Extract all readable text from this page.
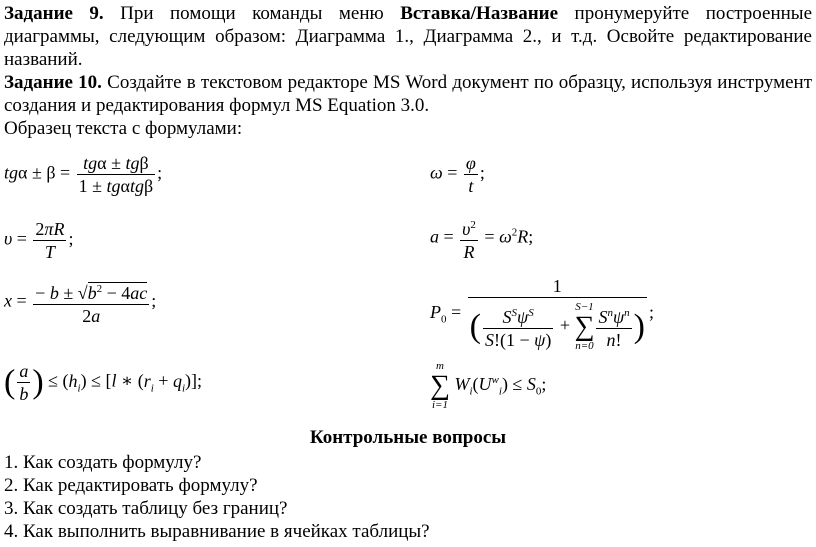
Задание 9. При помощи команды меню Вставка/Название пронумеруйте построенные диаграммы, следующим образом: Диаграмма 1., Диаграмма 2., и т.д. Освойте редактирование названий.
Задание 10. Создайте в текстовом редакторе MS Word документ по образцу, используя инструмент создания и редактирования формул MS Equation 3.0.
Образец текста с формулами:
$tg\alpha \pm \beta = \frac{\text{tgα ± tgβ}}{\text{1 ± tgαtgβ}}$ ;	$\omega = \frac{\varphi}{t}$ ;
$\upsilon = \frac{2\pi R}{T}$ ;	$a = \frac{\upsilon^2}{R} = \omega^2R$;
$x = \frac{- b \pm √b^2 - 4ac}{2a}$ ;
$P_0 = 1$
( $\frac{S^S\psi^S}{S!(1 - \psi)}$ +
S−1
∑
$n=0 \frac{S^n\psi^n}{n!}$ ) ;
( $\frac{a}{b}$ ) ≤ $(h_i) \le [l$ ∗ $(r_i + q_i)$];
m
∑
i=1
$W_i(U^w_i) \le S_0$;
Контрольные вопросы
1. Как создать формулу?
2. Как редактировать формулу?
3. Как создать таблицу без границ?
4. Как выполнить выравнивание в ячейках таблицы?
